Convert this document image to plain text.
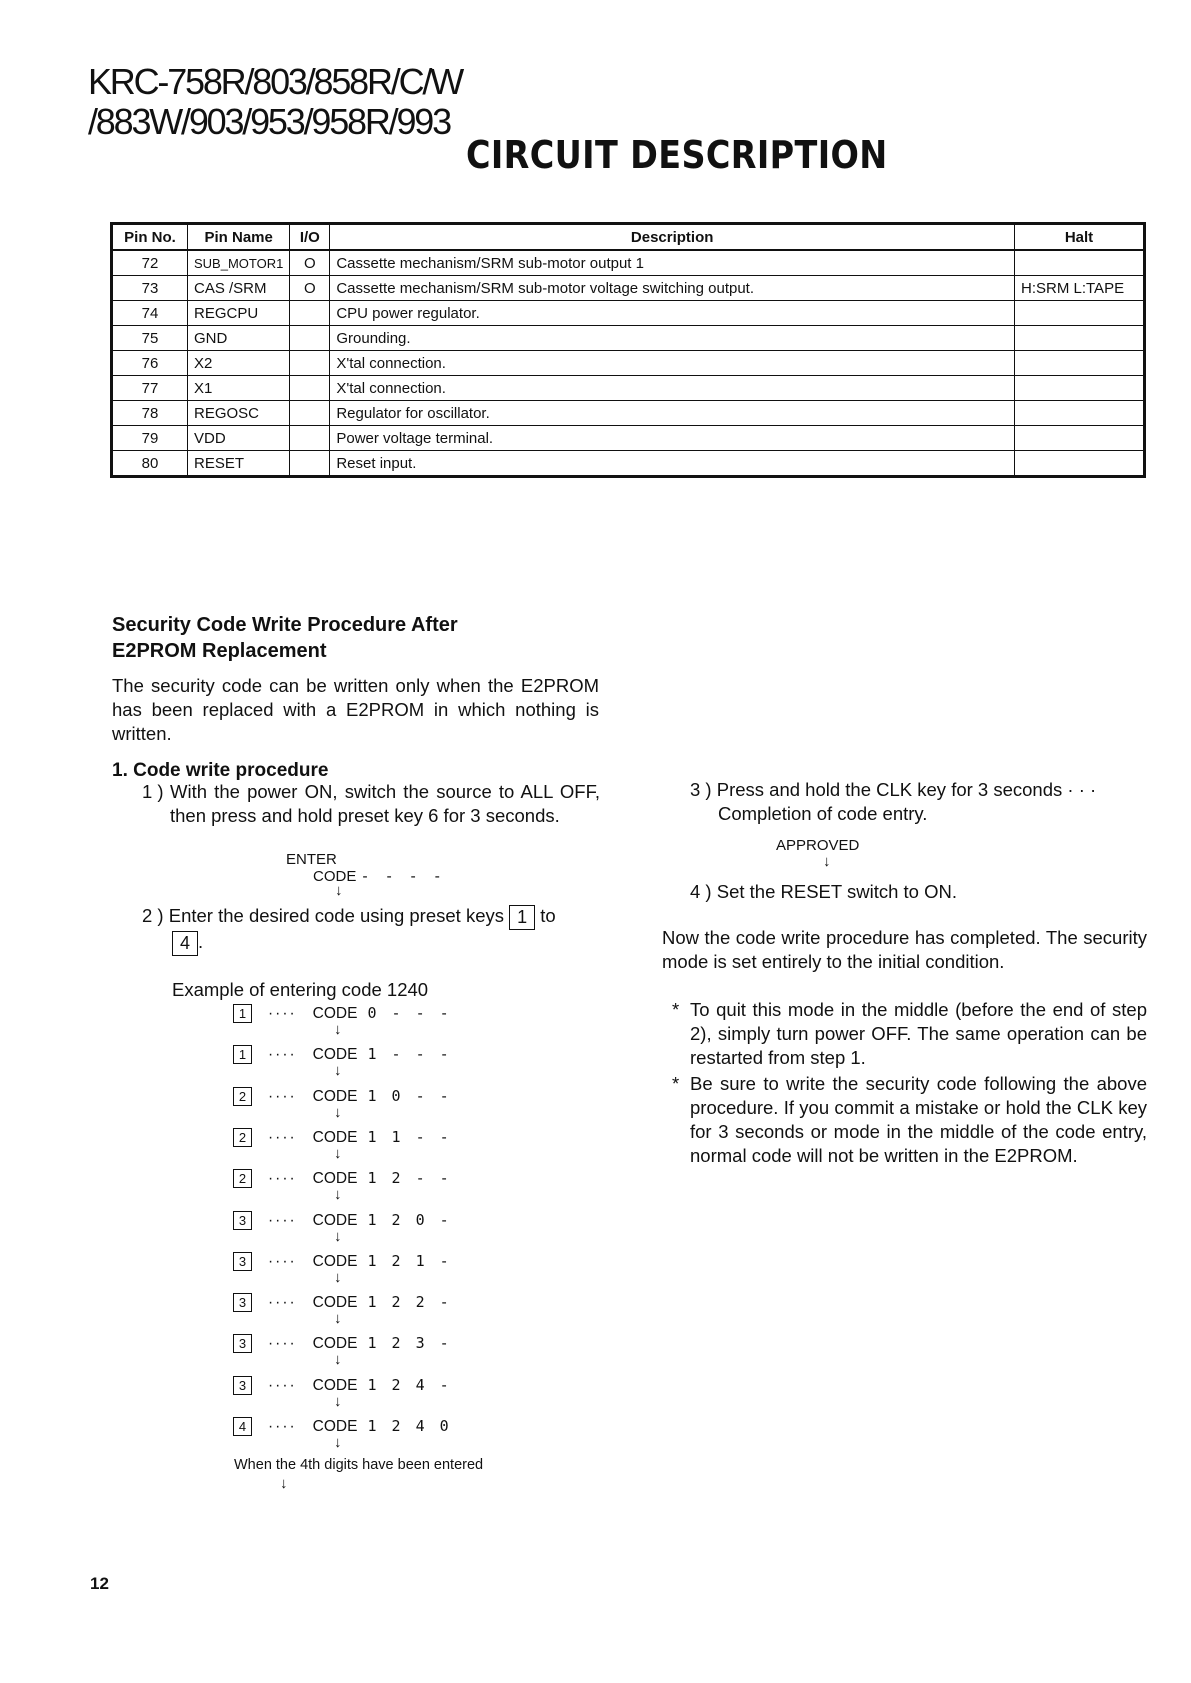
KRC-758R/803/858R/C/W
/883W/903/953/958R/993
CIRCUIT DESCRIPTION
Pin No.	Pin Name	I/O	Description	Halt
72	SUB_MOTOR1	O	Cassette mechanism/SRM sub-motor output 1	
73	CAS /SRM	O	Cassette mechanism/SRM sub-motor voltage switching output.	H:SRM L:TAPE
74	REGCPU		CPU power regulator.	
75	GND		Grounding.	
76	X2		X'tal connection.	
77	X1		X'tal connection.	
78	REGOSC		Regulator for oscillator.	
79	VDD		Power voltage terminal.	
80	RESET		Reset input.	
Security Code Write Procedure After
E2PROM Replacement
The security code can be written only when the E2PROM has been replaced with a E2PROM in which nothing is written.
1. Code write procedure
1 ) With the power ON, switch the source to ALL OFF, then press and hold preset key 6 for 3 seconds.
ENTER
CODE - - - -
↓
2 ) Enter the desired code using preset keys 1 to
4 .
Example of entering code 1240
1 ···· CODE 0 - - -
↓
1 ···· CODE 1 - - -
↓
2 ···· CODE 1 0 - -
↓
2 ···· CODE 1 1 - -
↓
2 ···· CODE 1 2 - -
↓
3 ···· CODE 1 2 0 -
↓
3 ···· CODE 1 2 1 -
↓
3 ···· CODE 1 2 2 -
↓
3 ···· CODE 1 2 3 -
↓
3 ···· CODE 1 2 4 -
↓
4 ···· CODE 1 2 4 0
↓
When the 4th digits have been entered
↓
3 ) Press and hold the CLK key for 3 seconds · · ·
Completion of code entry.
APPROVED
↓
4 ) Set the RESET switch to ON.
Now the code write procedure has completed. The security mode is set entirely to the initial condition.
* To quit this mode in the middle (before the end of step 2), simply turn power OFF. The same operation can be restarted from step 1.
* Be sure to write the security code following the above procedure. If you commit a mistake or hold the CLK key for 3 seconds or mode in the middle of the code entry, normal code will not be written in the E2PROM.
12
